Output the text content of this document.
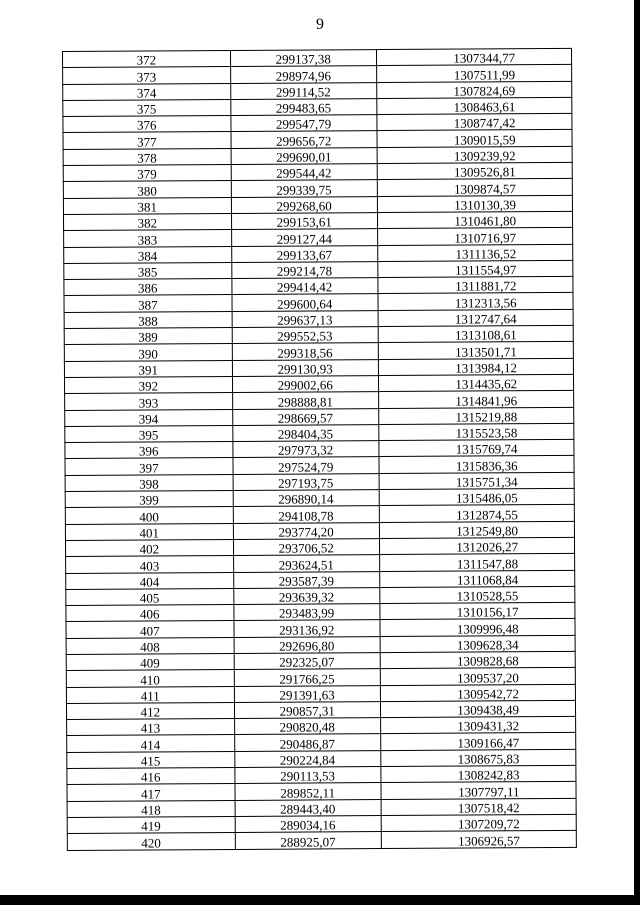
9
372	299137,38	1307344,77
373	298974,96	1307511,99
374	299114,52	1307824,69
375	299483,65	1308463,61
376	299547,79	1308747,42
377	299656,72	1309015,59
378	299690,01	1309239,92
379	299544,42	1309526,81
380	299339,75	1309874,57
381	299268,60	1310130,39
382	299153,61	1310461,80
383	299127,44	1310716,97
384	299133,67	1311136,52
385	299214,78	1311554,97
386	299414,42	1311881,72
387	299600,64	1312313,56
388	299637,13	1312747,64
389	299552,53	1313108,61
390	299318,56	1313501,71
391	299130,93	1313984,12
392	299002,66	1314435,62
393	298888,81	1314841,96
394	298669,57	1315219,88
395	298404,35	1315523,58
396	297973,32	1315769,74
397	297524,79	1315836,36
398	297193,75	1315751,34
399	296890,14	1315486,05
400	294108,78	1312874,55
401	293774,20	1312549,80
402	293706,52	1312026,27
403	293624,51	1311547,88
404	293587,39	1311068,84
405	293639,32	1310528,55
406	293483,99	1310156,17
407	293136,92	1309996,48
408	292696,80	1309628,34
409	292325,07	1309828,68
410	291766,25	1309537,20
411	291391,63	1309542,72
412	290857,31	1309438,49
413	290820,48	1309431,32
414	290486,87	1309166,47
415	290224,84	1308675,83
416	290113,53	1308242,83
417	289852,11	1307797,11
418	289443,40	1307518,42
419	289034,16	1307209,72
420	288925,07	1306926,57
